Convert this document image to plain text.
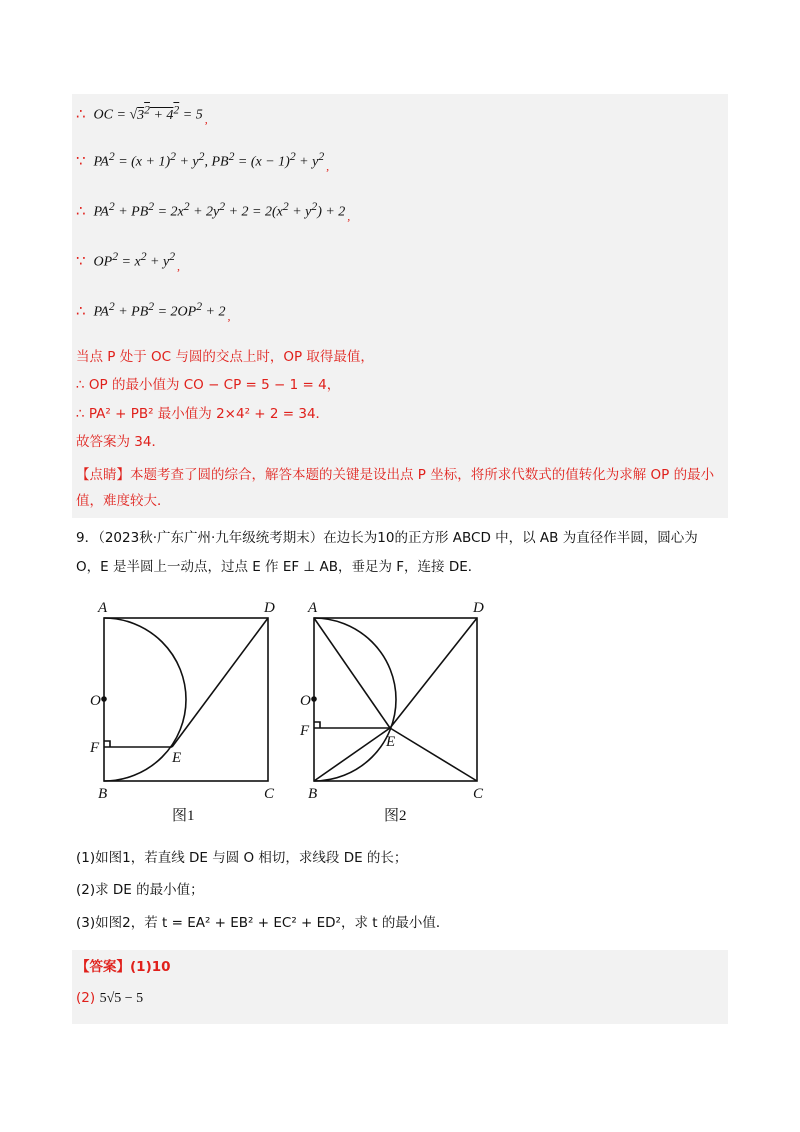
∴ OC = $√3^2 + 4^2 = 5$ ,
∵ $PA^2 = (x + 1)^2 + y^2$, $PB^2 = (x - 1)^2 + y^2$,
∴ $PA^2 + PB^2 = 2x^2 + 2y^2 + 2 = 2(x^2 + y^2) + 2$ ,
∵ $OP^2 = x^2 + y^2$,
∴ $PA^2 + PB^2 = 2OP^2 + 2$ ,
当点 P 处于 OC 与圆的交点上时，OP 取得最值，
∴ OP 的最小值为 CO − CP = 5 − 1 = 4，
∴ PA² + PB² 最小值为 2×4² + 2 = 34．
故答案为 34．
【点睛】本题考查了圆的综合，解答本题的关键是设出点 P 坐标，将所求代数式的值转化为求解 OP 的最小值，难度较大．
9．（2023秋·广东广州·九年级统考期末）在边长为10的正方形 ABCD 中，以 AB 为直径作半圆，圆心为
O，E 是半圆上一动点，过点 E 作 EF ⊥ AB，垂足为 F，连接 DE．
A	D
O
F
E
B	C
图1
A	D
O
F
E
B	C
图2
(1)如图1，若直线 DE 与圆 O 相切，求线段 DE 的长；
(2)求 DE 的最小值；
(3)如图2，若 t = EA² + EB² + EC² + ED²，求 t 的最小值．
【答案】(1)10
(2) 5√5 − 5
